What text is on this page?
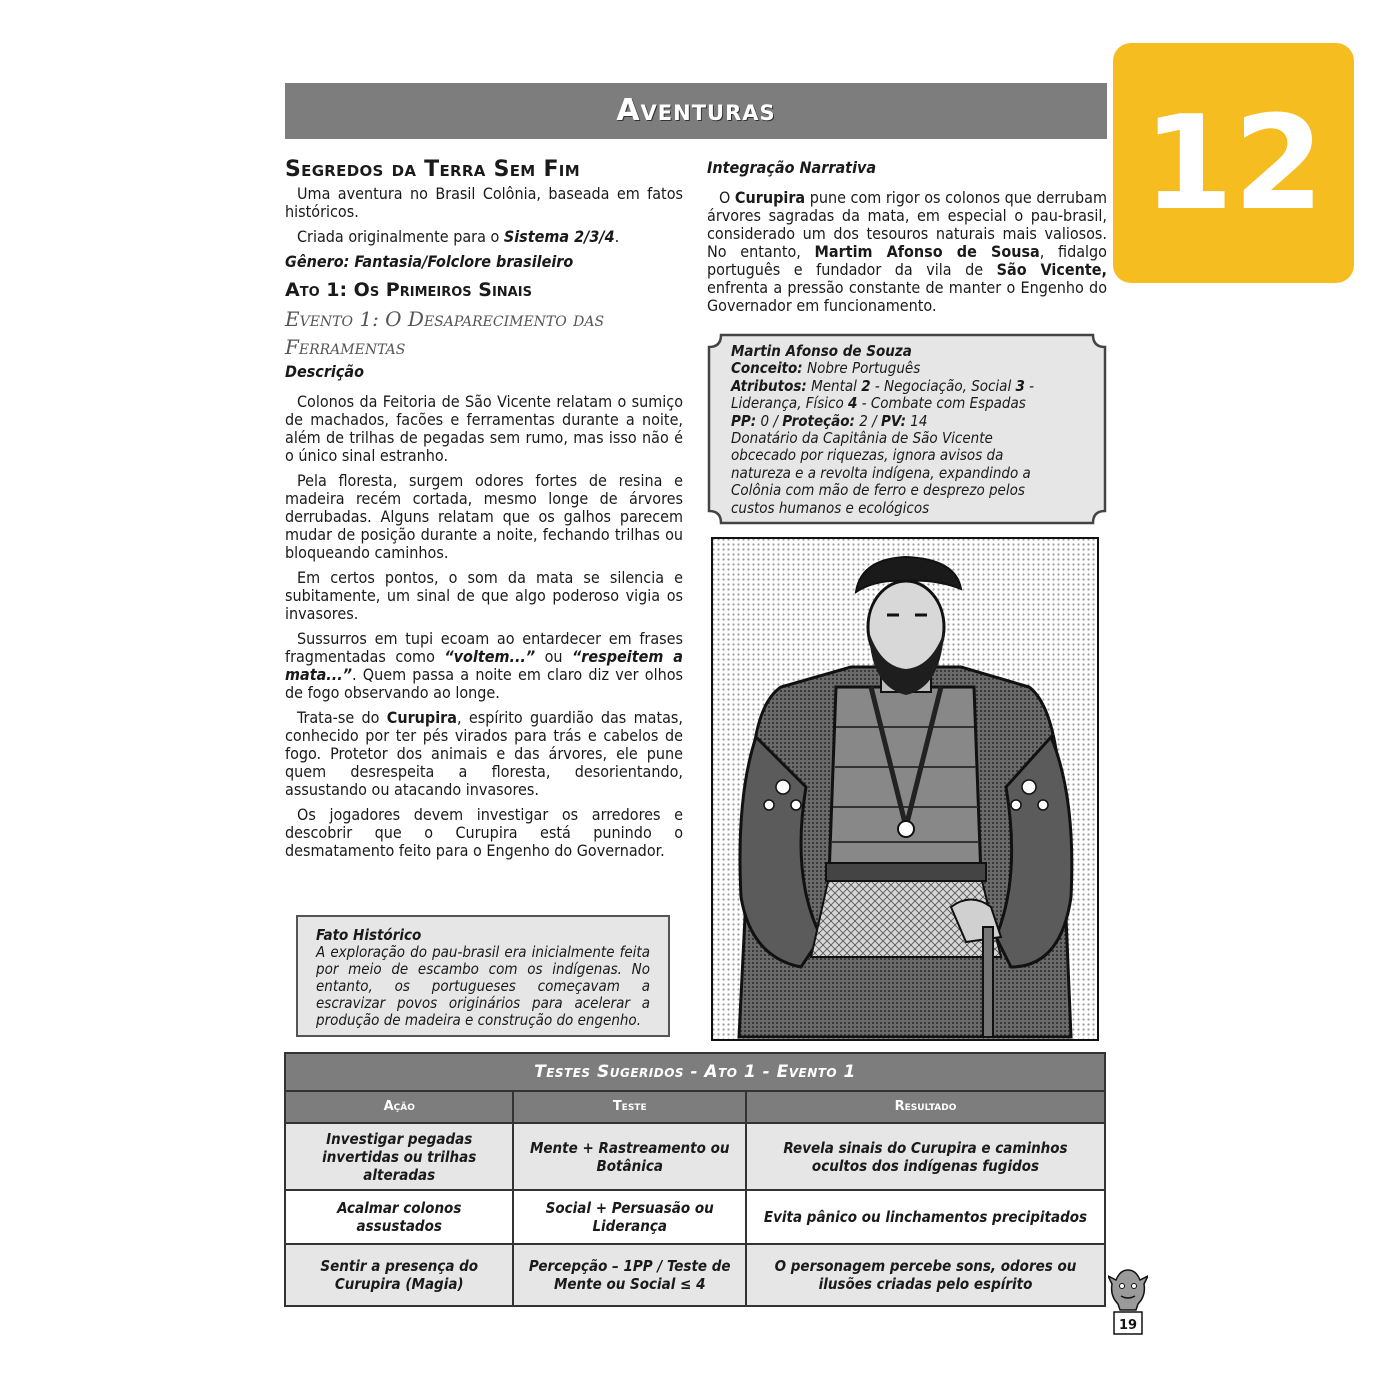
Aventuras	12
Segredos da Terra Sem Fim

Uma aventura no Brasil Colônia, baseada em fatos históricos.

Criada originalmente para o Sistema 2/3/4.

Gênero: Fantasia/Folclore brasileiro
Ato 1: Os Primeiros Sinais
Evento 1: O Desaparecimento das Ferramentas
Descrição

Colonos da Feitoria de São Vicente relatam o sumiço de machados, facões e ferramentas durante a noite, além de trilhas de pegadas sem rumo, mas isso não é o único sinal estranho.

Pela floresta, surgem odores fortes de resina e madeira recém cortada, mesmo longe de árvores derrubadas. Alguns relatam que os galhos parecem mudar de posição durante a noite, fechando trilhas ou bloqueando caminhos.

Em certos pontos, o som da mata se silencia e subitamente, um sinal de que algo poderoso vigia os invasores.

Sussurros em tupi ecoam ao entardecer em frases fragmentadas como “voltem...” ou “respeitem a mata...”. Quem passa a noite em claro diz ver olhos de fogo observando ao longe.

Trata-se do Curupira, espírito guardião das matas, conhecido por ter pés virados para trás e cabelos de fogo. Protetor dos animais e das árvores, ele pune quem desrespeita a floresta, desorientando, assustando ou atacando invasores.

Os jogadores devem investigar os arredores e descobrir que o Curupira está punindo o desmatamento feito para o Engenho do Governador.

Fato Histórico
A exploração do pau-brasil era inicialmente feita por meio de escambo com os indígenas. No entanto, os portugueses começavam a escravizar povos originários para acelerar a produção de madeira e construção do engenho.
Integração Narrativa

O Curupira pune com rigor os colonos que derrubam árvores sagradas da mata, em especial o pau-brasil, considerado um dos tesouros naturais mais valiosos. No entanto, Martim Afonso de Sousa, fidalgo português e fundador da vila de São Vicente, enfrenta a pressão constante de manter o Engenho do Governador em funcionamento.

Martin Afonso de Souza
Conceito: Nobre Português
Atributos: Mental 2 - Negociação, Social 3 - Liderança, Físico 4 - Combate com Espadas
PP: 0 / Proteção: 2 / PV: 14
Donatário da Capitânia de São Vicente obcecado por riquezas, ignora avisos da natureza e a revolta indígena, expandindo a Colônia com mão de ferro e desprezo pelos custos humanos e ecológicos
Testes Sugeridos - Ato 1 - Evento 1		
Ação	Teste	Resultado
Investigar pegadas invertidas ou trilhas alteradas	Mente + Rastreamento ou Botânica	Revela sinais do Curupira e caminhos ocultos dos indígenas fugidos
Acalmar colonos assustados	Social + Persuasão ou Liderança	Evita pânico ou linchamentos precipitados
Sentir a presença do Curupira (Magia)	Percepção – 1PP / Teste de Mente ou Social ≤ 4	O personagem percebe sons, odores ou ilusões criadas pelo espírito
19
